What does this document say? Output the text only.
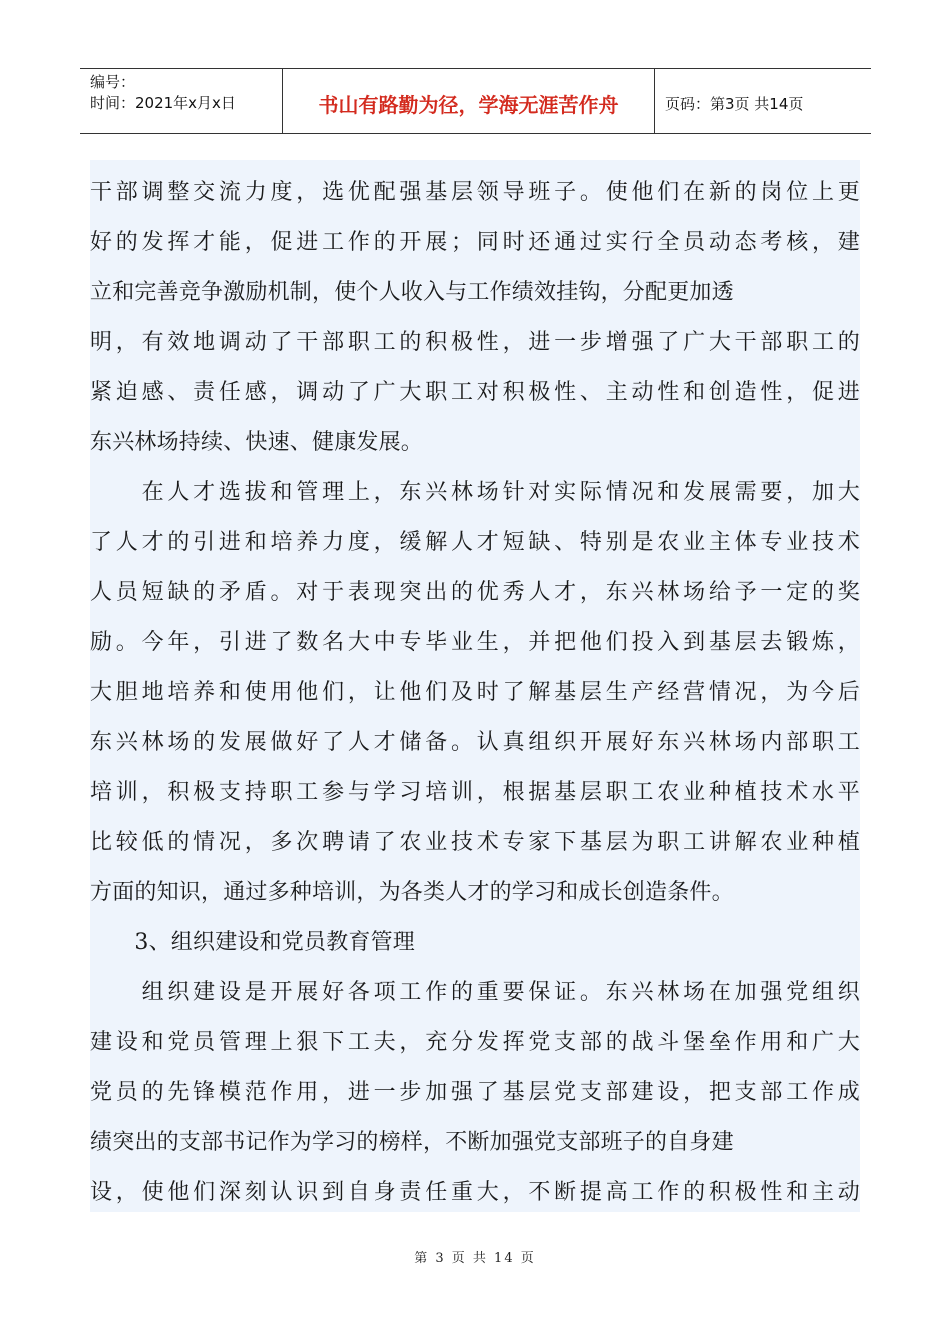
编号：
时间：2021年x月x日	书山有路勤为径，学海无涯苦作舟	页码：第3页 共14页
干部调整交流力度，选优配强基层领导班子。使他们在新的岗位上更
好的发挥才能，促进工作的开展；同时还通过实行全员动态考核，建
立和完善竞争激励机制，使个人收入与工作绩效挂钩，分配更加透
明，有效地调动了干部职工的积极性，进一步增强了广大干部职工的
紧迫感、责任感，调动了广大职工对积极性、主动性和创造性，促进
东兴林场持续、快速、健康发展。
　　在人才选拔和管理上，东兴林场针对实际情况和发展需要，加大
了人才的引进和培养力度，缓解人才短缺、特别是农业主体专业技术
人员短缺的矛盾。对于表现突出的优秀人才，东兴林场给予一定的奖
励。今年，引进了数名大中专毕业生，并把他们投入到基层去锻炼，
大胆地培养和使用他们，让他们及时了解基层生产经营情况，为今后
东兴林场的发展做好了人才储备。认真组织开展好东兴林场内部职工
培训，积极支持职工参与学习培训，根据基层职工农业种植技术水平
比较低的情况，多次聘请了农业技术专家下基层为职工讲解农业种植
方面的知识，通过多种培训，为各类人才的学习和成长创造条件。
　　3、组织建设和党员教育管理
　　组织建设是开展好各项工作的重要保证。东兴林场在加强党组织
建设和党员管理上狠下工夫，充分发挥党支部的战斗堡垒作用和广大
党员的先锋模范作用，进一步加强了基层党支部建设，把支部工作成
绩突出的支部书记作为学习的榜样，不断加强党支部班子的自身建
设，使他们深刻认识到自身责任重大，不断提高工作的积极性和主动
第 3 页 共 14 页
